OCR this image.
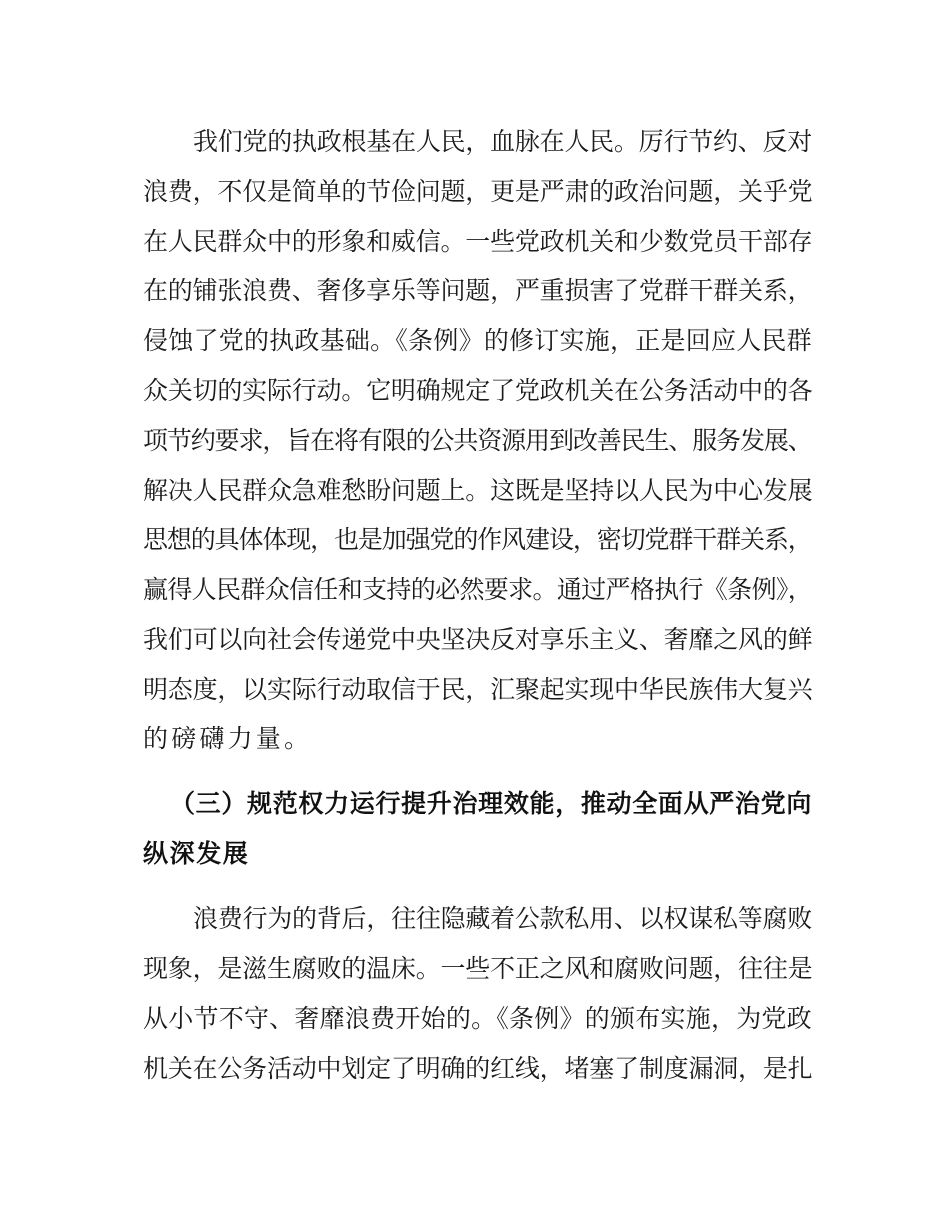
我们党的执政根基在人民，血脉在人民。厉行节约、反对
浪费，不仅是简单的节俭问题，更是严肃的政治问题，关乎党
在人民群众中的形象和威信。一些党政机关和少数党员干部存
在的铺张浪费、奢侈享乐等问题，严重损害了党群干群关系，
侵蚀了党的执政基础。《条例》的修订实施，正是回应人民群
众关切的实际行动。它明确规定了党政机关在公务活动中的各
项节约要求，旨在将有限的公共资源用到改善民生、服务发展、
解决人民群众急难愁盼问题上。这既是坚持以人民为中心发展
思想的具体体现，也是加强党的作风建设，密切党群干群关系，
赢得人民群众信任和支持的必然要求。通过严格执行《条例》，
我们可以向社会传递党中央坚决反对享乐主义、奢靡之风的鲜
明态度，以实际行动取信于民，汇聚起实现中华民族伟大复兴
的磅礴力量。
（三）规范权力运行提升治理效能，推动全面从严治党向
纵深发展
浪费行为的背后，往往隐藏着公款私用、以权谋私等腐败
现象，是滋生腐败的温床。一些不正之风和腐败问题，往往是
从小节不守、奢靡浪费开始的。《条例》的颁布实施，为党政
机关在公务活动中划定了明确的红线，堵塞了制度漏洞，是扎
